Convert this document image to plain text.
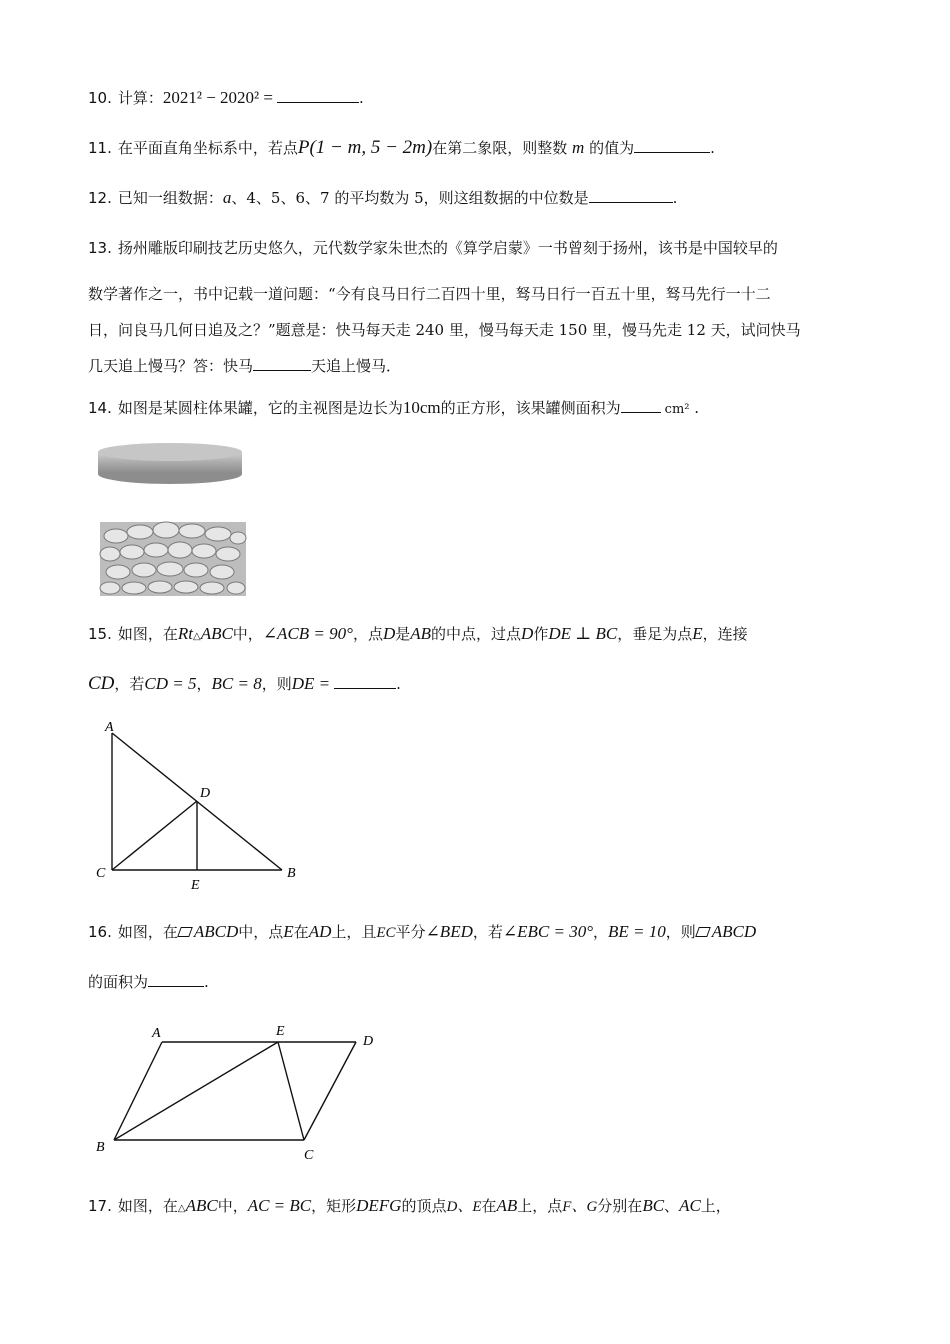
10. 计算：2021² − 2020² =	.
11. 在平面直角坐标系中，若点P(1 − m, 5 − 2m)在第二象限，则整数 m 的值为	.
12. 已知一组数据：a、4、5、6、7 的平均数为 5，则这组数据的中位数是	.
13. 扬州雕版印刷技艺历史悠久，元代数学家朱世杰的《算学启蒙》一书曾刻于扬州，该书是中国较早的
数学著作之一，书中记载一道问题：“今有良马日行二百四十里，驽马日行一百五十里，驽马先行一十二
日，问良马几何日追及之？”题意是：快马每天走 240 里，慢马每天走 150 里，慢马先走 12 天，试问快马
几天追上慢马？答：快马	天追上慢马．
14. 如图是某圆柱体果罐，它的主视图是边长为10cm的正方形，该果罐侧面积为	cm² .
15. 如图，在Rt△ABC中，∠ACB = 90°，点D是AB的中点，过点D作DE ⊥ BC，垂足为点E，连接
CD，若CD = 5，BC = 8，则DE =	.
A
D
C
E
B
16. 如图，在 ABCD中，点E在AD上，且EC平分∠BED，若∠EBC = 30°，BE = 10，则 ABCD
的面积为	.
A	E
D
B
C
17. 如图，在△ABC中，AC = BC，矩形DEFG的顶点D、E在AB上，点F、G分别在BC、AC上，
